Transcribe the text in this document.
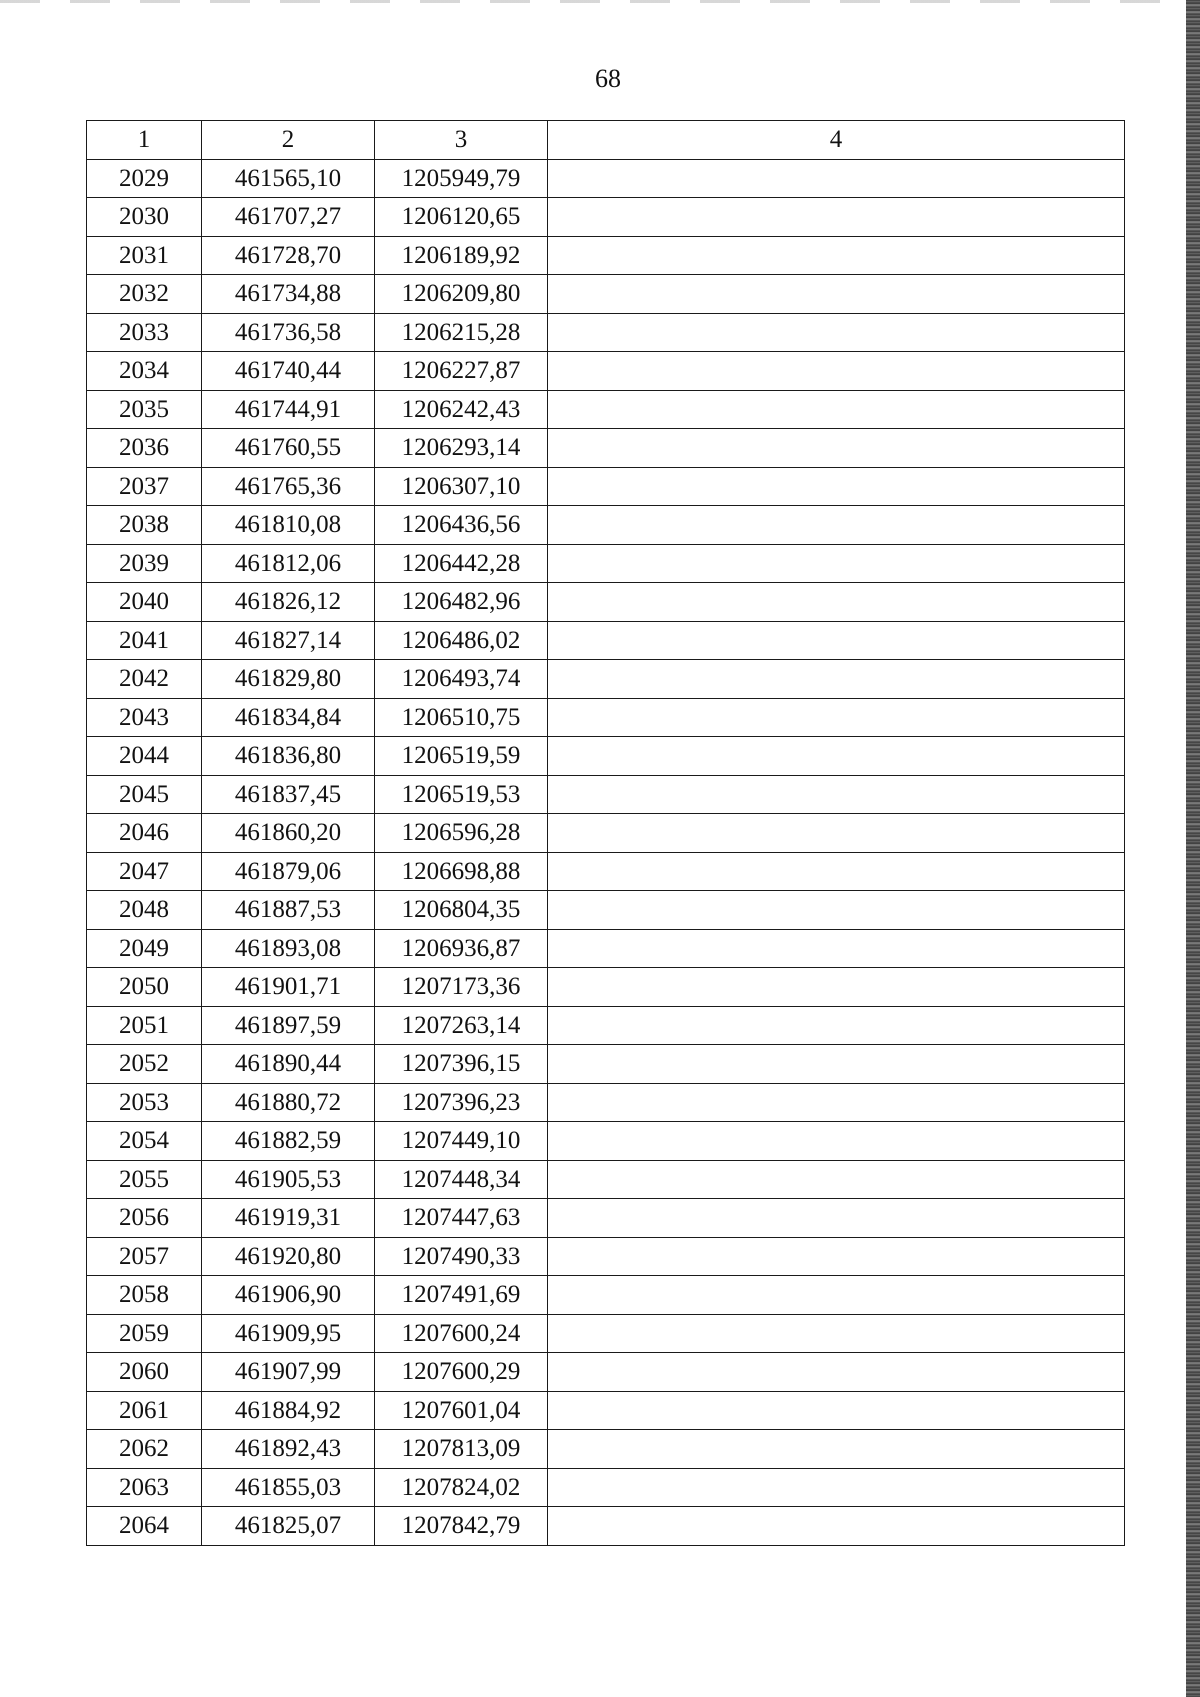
68
1	2	3	4
2029	461565,10	1205949,79	
2030	461707,27	1206120,65	
2031	461728,70	1206189,92	
2032	461734,88	1206209,80	
2033	461736,58	1206215,28	
2034	461740,44	1206227,87	
2035	461744,91	1206242,43	
2036	461760,55	1206293,14	
2037	461765,36	1206307,10	
2038	461810,08	1206436,56	
2039	461812,06	1206442,28	
2040	461826,12	1206482,96	
2041	461827,14	1206486,02	
2042	461829,80	1206493,74	
2043	461834,84	1206510,75	
2044	461836,80	1206519,59	
2045	461837,45	1206519,53	
2046	461860,20	1206596,28	
2047	461879,06	1206698,88	
2048	461887,53	1206804,35	
2049	461893,08	1206936,87	
2050	461901,71	1207173,36	
2051	461897,59	1207263,14	
2052	461890,44	1207396,15	
2053	461880,72	1207396,23	
2054	461882,59	1207449,10	
2055	461905,53	1207448,34	
2056	461919,31	1207447,63	
2057	461920,80	1207490,33	
2058	461906,90	1207491,69	
2059	461909,95	1207600,24	
2060	461907,99	1207600,29	
2061	461884,92	1207601,04	
2062	461892,43	1207813,09	
2063	461855,03	1207824,02	
2064	461825,07	1207842,79	
